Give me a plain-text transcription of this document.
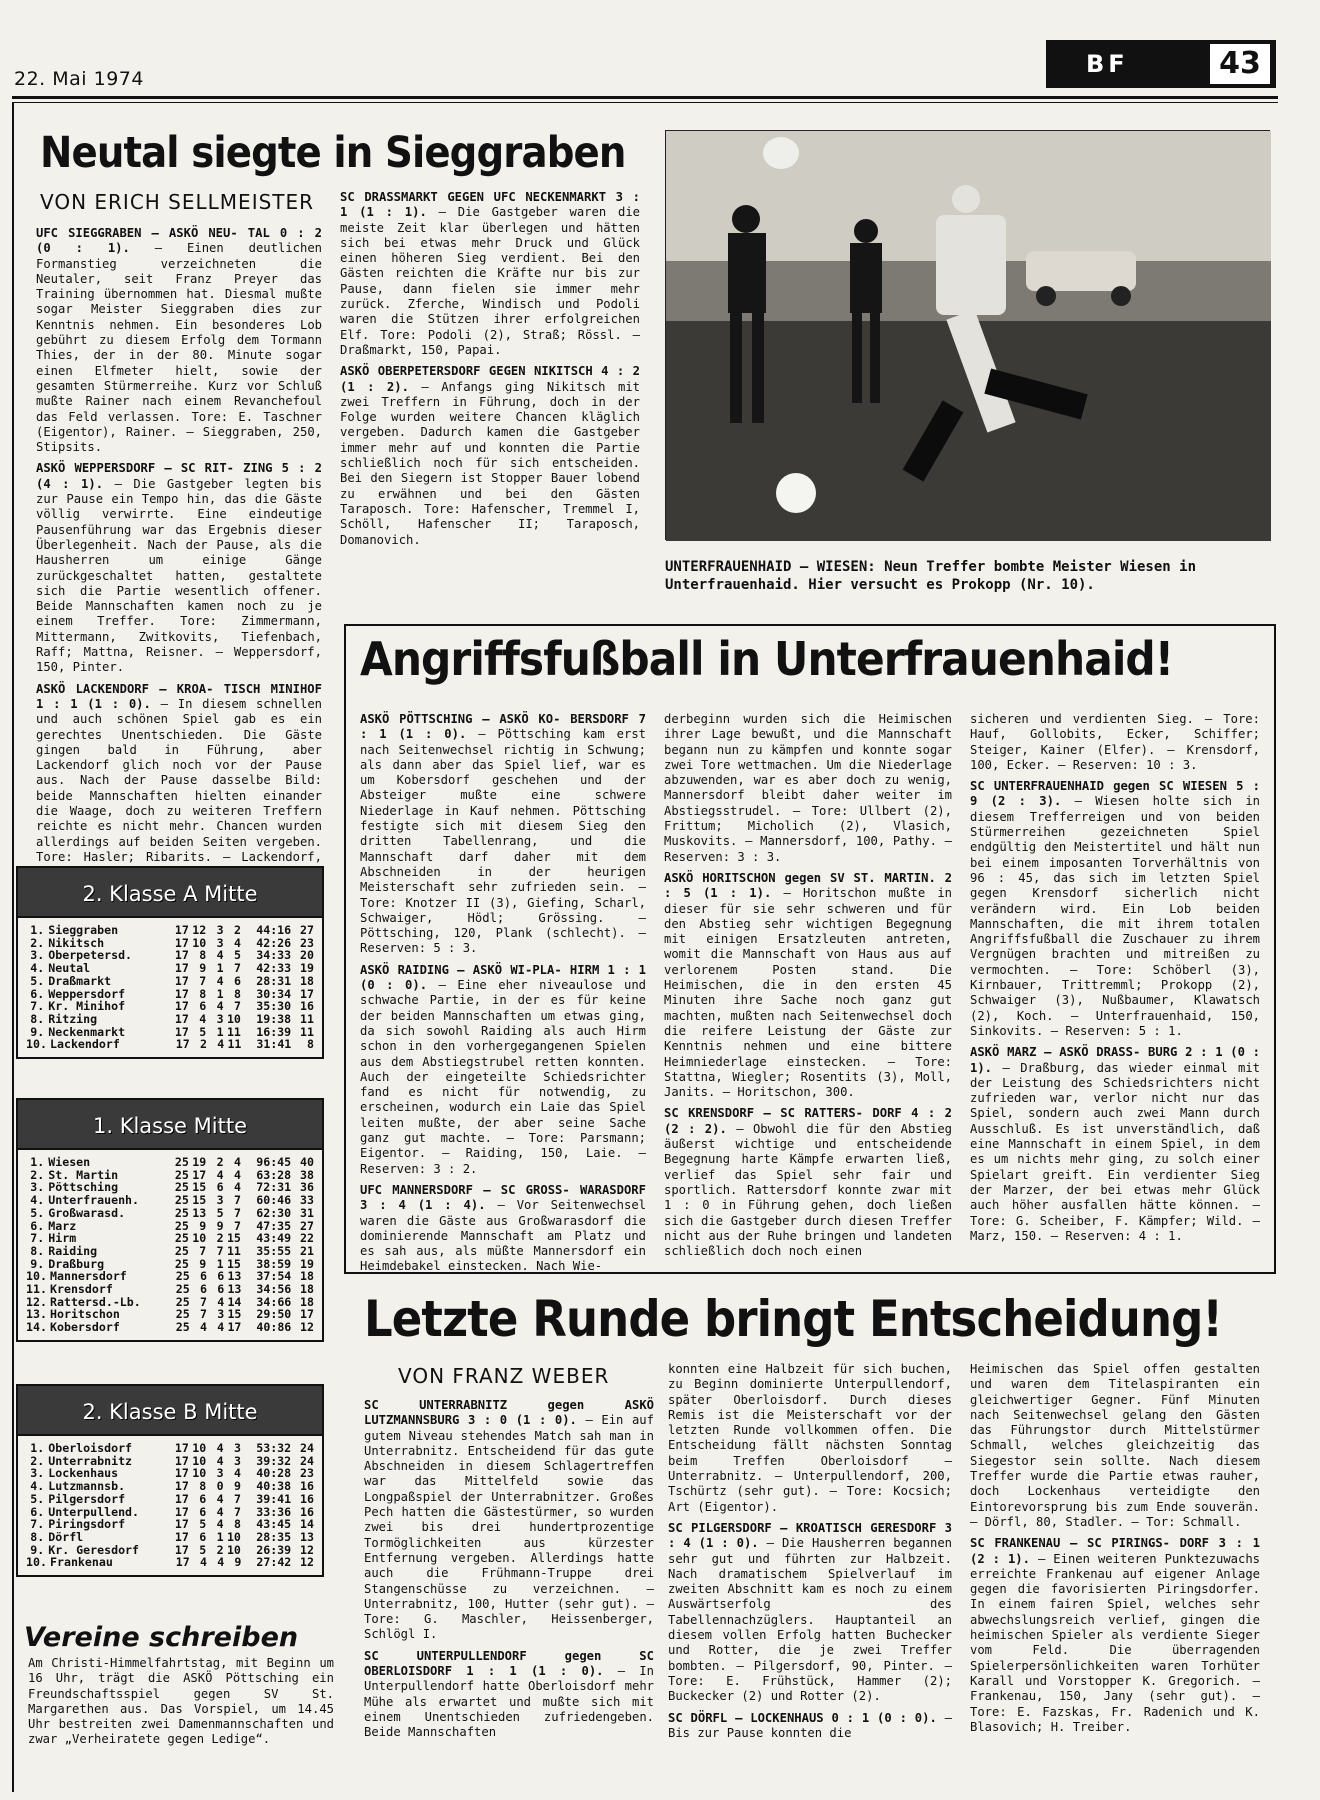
22. Mai 1974
BF	43
Neutal siegte in Sieggraben
VON ERICH SELLMEISTER

UFC SIEGGRABEN — ASKÖ NEU- TAL 0 : 2 (0 : 1). — Einen deutlichen Formanstieg verzeichneten die Neutaler, seit Franz Preyer das Training übernommen hat. Diesmal mußte sogar Meister Sieggraben dies zur Kenntnis nehmen. Ein besonderes Lob gebührt zu diesem Erfolg dem Tormann Thies, der in der 80. Minute sogar einen Elfmeter hielt, sowie der gesamten Stürmerreihe. Kurz vor Schluß mußte Rainer nach einem Revanchefoul das Feld verlassen. Tore: E. Taschner (Eigentor), Rainer. — Sieggraben, 250, Stipsits.

ASKÖ WEPPERSDORF — SC RIT- ZING 5 : 2 (4 : 1). — Die Gastgeber legten bis zur Pause ein Tempo hin, das die Gäste völlig verwirrte. Eine eindeutige Pausenführung war das Ergebnis dieser Überlegenheit. Nach der Pause, als die Hausherren um einige Gänge zurückgeschaltet hatten, gestaltete sich die Partie wesentlich offener. Beide Mannschaften kamen noch zu je einem Treffer. Tore: Zimmermann, Mittermann, Zwitkovits, Tiefenbach, Raff; Mattna, Reisner. — Weppersdorf, 150, Pinter.

ASKÖ LACKENDORF — KROA- TISCH MINIHOF 1 : 1 (1 : 0). — In diesem schnellen und auch schönen Spiel gab es ein gerechtes Unentschieden. Die Gäste gingen bald in Führung, aber Lackendorf glich noch vor der Pause aus. Nach der Pause dasselbe Bild: beide Mannschaften hielten einander die Waage, doch zu weiteren Treffern reichte es nicht mehr. Chancen wurden allerdings auf beiden Seiten vergeben. Tore: Hasler; Ribarits. — Lackendorf,

SC DRASSMARKT GEGEN UFC NECKENMARKT 3 : 1 (1 : 1). — Die Gastgeber waren die meiste Zeit klar überlegen und hätten sich bei etwas mehr Druck und Glück einen höheren Sieg verdient. Bei den Gästen reichten die Kräfte nur bis zur Pause, dann fielen sie immer mehr zurück. Zferche, Windisch und Podoli waren die Stützen ihrer erfolgreichen Elf. Tore: Podoli (2), Straß; Rössl. — Draßmarkt, 150, Papai.

ASKÖ OBERPETERSDORF GEGEN NIKITSCH 4 : 2 (1 : 2). — Anfangs ging Nikitsch mit zwei Treffern in Führung, doch in der Folge wurden weitere Chancen kläglich vergeben. Dadurch kamen die Gastgeber immer mehr auf und konnten die Partie schließlich noch für sich entscheiden. Bei den Siegern ist Stopper Bauer lobend zu erwähnen und bei den Gästen Taraposch. Tore: Hafenscher, Tremmel I, Schöll, Hafenscher II; Taraposch, Domanovich.

UNTERFRAUENHAID — WIESEN: Neun Treffer bombte Meister Wiesen in Unterfrauenhaid. Hier versucht es Prokopp (Nr. 10).
Angriffsfußball in Unterfrauenhaid!

ASKÖ PÖTTSCHING — ASKÖ KO- BERSDORF 7 : 1 (1 : 0). — Pöttsching kam erst nach Seitenwechsel richtig in Schwung; als dann aber das Spiel lief, war es um Kobersdorf geschehen und der Absteiger mußte eine schwere Niederlage in Kauf nehmen. Pöttsching festigte sich mit diesem Sieg den dritten Tabellenrang, und die Mannschaft darf daher mit dem Abschneiden in der heurigen Meisterschaft sehr zufrieden sein. — Tore: Knotzer II (3), Giefing, Scharl, Schwaiger, Hödl; Grössing. —Pöttsching, 120, Plank (schlecht). — Reserven: 5 : 3.

ASKÖ RAIDING — ASKÖ WI-PLA- HIRM 1 : 1 (0 : 0). — Eine eher niveaulose und schwache Partie, in der es für keine der beiden Mannschaften um etwas ging, da sich sowohl Raiding als auch Hirm schon in den vorhergegangenen Spielen aus dem Abstiegstrubel retten konnten. Auch der eingeteilte Schiedsrichter fand es nicht für notwendig, zu erscheinen, wodurch ein Laie das Spiel leiten mußte, der aber seine Sache ganz gut machte. — Tore: Parsmann; Eigentor. — Raiding, 150, Laie. — Reserven: 3 : 2.

UFC MANNERSDORF — SC GROSS- WARASDORF 3 : 4 (1 : 4). — Vor Seitenwechsel waren die Gäste aus Großwarasdorf die dominierende Mannschaft am Platz und es sah aus, als müßte Mannersdorf ein Heimdebakel einstecken. Nach Wie-

derbeginn wurden sich die Heimischen ihrer Lage bewußt, und die Mannschaft begann nun zu kämpfen und konnte sogar zwei Tore wettmachen. Um die Niederlage abzuwenden, war es aber doch zu wenig, Mannersdorf bleibt daher weiter im Abstiegsstrudel. — Tore: Ullbert (2), Frittum; Micholich (2), Vlasich, Muskovits. — Mannersdorf, 100, Pathy. — Reserven: 3 : 3.

ASKÖ HORITSCHON gegen SV ST. MARTIN. 2 : 5 (1 : 1). — Horitschon mußte in dieser für sie sehr schweren und für den Abstieg sehr wichtigen Begegnung mit einigen Ersatzleuten antreten, womit die Mannschaft von Haus aus auf verlorenem Posten stand. Die Heimischen, die in den ersten 45 Minuten ihre Sache noch ganz gut machten, mußten nach Seitenwechsel doch die reifere Leistung der Gäste zur Kenntnis nehmen und eine bittere Heimniederlage einstecken. — Tore: Stattna, Wiegler; Rosentits (3), Moll, Janits. — Horitschon, 300.

SC KRENSDORF — SC RATTERS- DORF 4 : 2 (2 : 2). — Obwohl die für den Abstieg äußerst wichtige und entscheidende Begegnung harte Kämpfe erwarten ließ, verlief das Spiel sehr fair und sportlich. Rattersdorf konnte zwar mit 1 : 0 in Führung gehen, doch ließen sich die Gastgeber durch diesen Treffer nicht aus der Ruhe bringen und landeten schließlich doch noch einen

sicheren und verdienten Sieg. — Tore: Hauf, Gollobits, Ecker, Schiffer; Steiger, Kainer (Elfer). — Krensdorf, 100, Ecker. — Reserven: 10 : 3.

SC UNTERFRAUENHAID gegen SC WIESEN 5 : 9 (2 : 3). — Wiesen holte sich in diesem Trefferreigen und von beiden Stürmerreihen gezeichneten Spiel endgültig den Meistertitel und hält nun bei einem imposanten Torverhältnis von 96 : 45, das sich im letzten Spiel gegen Krensdorf sicherlich nicht verändern wird. Ein Lob beiden Mannschaften, die mit ihrem totalen Angriffsfußball die Zuschauer zu ihrem Vergnügen brachten und mitreißen zu vermochten. — Tore: Schöberl (3), Kirnbauer, Trittremml; Prokopp (2), Schwaiger (3), Nußbaumer, Klawatsch (2), Koch. — Unterfrauenhaid, 150, Sinkovits. — Reserven: 5 : 1.

ASKÖ MARZ — ASKÖ DRASS- BURG 2 : 1 (0 : 1). — Draßburg, das wieder einmal mit der Leistung des Schiedsrichters nicht zufrieden war, verlor nicht nur das Spiel, sondern auch zwei Mann durch Ausschluß. Es ist unverständlich, daß eine Mannschaft in einem Spiel, in dem es um nichts mehr ging, zu solch einer Spielart greift. Ein verdienter Sieg der Marzer, der bei etwas mehr Glück auch höher ausfallen hätte können. — Tore: G. Scheiber, F. Kämpfer; Wild. — Marz, 150. — Reserven: 4 : 1.

Letzte Runde bringt Entscheidung!
VON FRANZ WEBER

SC UNTERRABNITZ gegen ASKÖ LUTZMANNSBURG 3 : 0 (1 : 0). — Ein auf gutem Niveau stehendes Match sah man in Unterrabnitz. Entscheidend für das gute Abschneiden in diesem Schlagertreffen war das Mittelfeld sowie das Longpaßspiel der Unterrabnitzer. Großes Pech hatten die Gästestürmer, so wurden zwei bis drei hundertprozentige Tormöglichkeiten aus kürzester Entfernung vergeben. Allerdings hatte auch die Frühmann-Truppe drei Stangenschüsse zu verzeichnen. — Unterrabnitz, 100, Hutter (sehr gut). — Tore: G. Maschler, Heissenberger, Schlögl I.

SC UNTERPULLENDORF gegen SC OBERLOISDORF 1 : 1 (1 : 0). — In Unterpullendorf hatte Oberloisdorf mehr Mühe als erwartet und mußte sich mit einem Unentschieden zufriedengeben. Beide Mannschaften

konnten eine Halbzeit für sich buchen, zu Beginn dominierte Unterpullendorf, später Oberloisdorf. Durch dieses Remis ist die Meisterschaft vor der letzten Runde vollkommen offen. Die Entscheidung fällt nächsten Sonntag beim Treffen Oberloisdorf — Unterrabnitz. — Unterpullendorf, 200, Tschürtz (sehr gut). — Tore: Kocsich; Art (Eigentor).

SC PILGERSDORF — KROATISCH GERESDORF 3 : 4 (1 : 0). — Die Hausherren begannen sehr gut und führten zur Halbzeit. Nach dramatischem Spielverlauf im zweiten Abschnitt kam es noch zu einem Auswärtserfolg des Tabellennachzüglers. Hauptanteil an diesem vollen Erfolg hatten Buchecker und Rotter, die je zwei Treffer bombten. — Pilgersdorf, 90, Pinter. — Tore: E. Frühstück, Hammer (2); Buckecker (2) und Rotter (2).

SC DÖRFL — LOCKENHAUS 0 : 1 (0 : 0). — Bis zur Pause konnten die

Heimischen das Spiel offen gestalten und waren dem Titelaspiranten ein gleichwertiger Gegner. Fünf Minuten nach Seitenwechsel gelang den Gästen das Führungstor durch Mittelstürmer Schmall, welches gleichzeitig das Siegestor sein sollte. Nach diesem Treffer wurde die Partie etwas rauher, doch Lockenhaus verteidigte den Eintorevorsprung bis zum Ende souverän. — Dörfl, 80, Stadler. — Tor: Schmall.

SC FRANKENAU — SC PIRINGS- DORF 3 : 1 (2 : 1). — Einen weiteren Punktezuwachs erreichte Frankenau auf eigener Anlage gegen die favorisierten Piringsdorfer. In einem fairen Spiel, welches sehr abwechslungsreich verlief, gingen die heimischen Spieler als verdiente Sieger vom Feld. Die überragenden Spielerpersönlichkeiten waren Torhüter Karall und Vorstopper K. Gregorich. — Frankenau, 150, Jany (sehr gut). — Tore: E. Fazskas, Fr. Radenich und K. Blasovich; H. Treiber.

2. Klasse A Mitte
1. Sieggraben	17 12 3 2	44:16 27
2. Nikitsch	17 10 3 4	42:26 23
3. Oberpetersd.	17 8 4 5	34:33 20
4. Neutal	17 9 1 7	42:33 19
5. Draßmarkt	17 7 4 6	28:31 18
6. Weppersdorf	17 8 1 8	30:34 17
7. Kr. Minihof	17 6 4 7	35:30 16
8. Ritzing	17 4 3 10	19:38 11
9. Neckenmarkt	17 5 1 11	16:39 11
10. Lackendorf	17 2 4 11	31:41	8
1. Klasse Mitte
1. Wiesen	25 19 2 4	96:45 40
2. St. Martin	25 17 4 4	63:28 38
3. Pöttsching	25 15 6 4	72:31 36
4. Unterfrauenh.	25 15 3 7	60:46 33
5. Großwarasd.	25 13 5 7	62:30 31
6. Marz	25 9 9 7	47:35 27
7. Hirm	25 10 2 15	43:49 22
8. Raiding	25 7 7 11	35:55 21
9. Draßburg	25 9 1 15	38:59 19
10. Mannersdorf	25 6 6 13	37:54 18
11. Krensdorf	25 6 6 13	34:56 18
12. Rattersd.-Lb.	25 7 4 14	34:66 18
13. Horitschon	25 7 3 15	29:50 17
14. Kobersdorf	25 4 4 17	40:86 12
2. Klasse B Mitte
1. Oberloisdorf	17 10 4 3	53:32 24
2. Unterrabnitz	17 10 4 3	39:32 24
3. Lockenhaus	17 10 3 4	40:28 23
4. Lutzmannsb.	17 8 0 9	40:38 16
5. Pilgersdorf	17 6 4 7	39:41 16
6. Unterpullend.	17 6 4 7	33:36 16
7. Piringsdorf	17 5 4 8	43:45 14
8. Dörfl	17 6 1 10	28:35 13
9. Kr. Geresdorf	17 5 2 10	26:39 12
10. Frankenau	17 4 4 9	27:42 12
Vereine schreiben
Am Christi-Himmelfahrtstag, mit Beginn um 16 Uhr, trägt die ASKÖ Pöttsching ein Freundschaftsspiel gegen SV St. Margarethen aus. Das Vorspiel, um 14.45 Uhr bestreiten zwei Damenmannschaften und zwar „Verheiratete gegen Ledige“.
